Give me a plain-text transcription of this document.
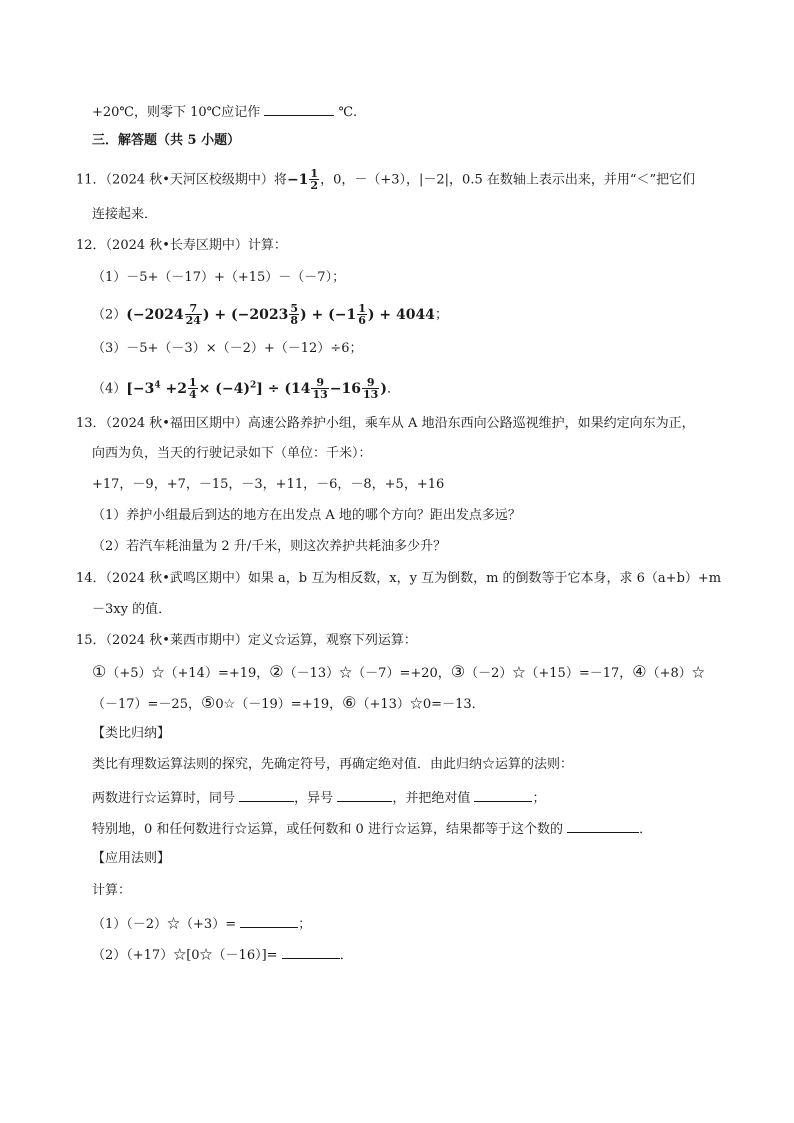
+20℃，则零下 10℃应记作	℃.
三．解答题（共 5 小题）
11．（2024 秋•天河区校级期中）将$-1 \frac{1}{2}$ ，0，－（+3），|－2|，0.5 在数轴上表示出来，并用“＜”把它们
连接起来．
12．（2024 秋•长寿区期中）计算：
（1）－5+（－17）+（+15）－（－7）；
$(2)(-2024 \frac{7}{24}$ ) + ($-2023 \frac{5}{8}$ ) + ($-1 \frac{1}{6}$ ) + 4044；
（3）－5+（－3）×（－2）+（－12）÷6；
$(4)[-3^4 +2 \frac{1}{4} \times (-4)^2] \div (14 \frac{9}{13} -16 \frac{9}{13}$ )．
13．（2024 秋•福田区期中）高速公路养护小组，乘车从 A 地沿东西向公路巡视维护，如果约定向东为正，
向西为负，当天的行驶记录如下（单位：千米）：
+17，－9，+7，－15，－3，+11，－6，－8，+5，+16
（1）养护小组最后到达的地方在出发点 A 地的哪个方向？距出发点多远？
（2）若汽车耗油量为 2 升/千米，则这次养护共耗油多少升？
14．（2024 秋•武鸣区期中）如果 a，b 互为相反数，x，y 互为倒数，m 的倒数等于它本身，求 6（a+b）+m
－3xy 的值．
15．（2024 秋•莱西市期中）定义☆运算，观察下列运算：
①（+5）☆（+14）=+19，②（－13）☆（－7）=+20，③（－2）☆（+15）=－17，④（+8）☆
（－17）=－25，⑤0☆（－19）=+19，⑥（+13）☆0=－13．
【类比归纳】
类比有理数运算法则的探究，先确定符号，再确定绝对值．由此归纳☆运算的法则：
两数进行☆运算时，同号	，异号	，并把绝对值	；
特别地，0 和任何数进行☆运算，或任何数和 0 进行☆运算，结果都等于这个数的	．
【应用法则】
计算：
（1）（－2）☆（+3）=	；
（2）（+17）☆[0☆（－16）]=	．
